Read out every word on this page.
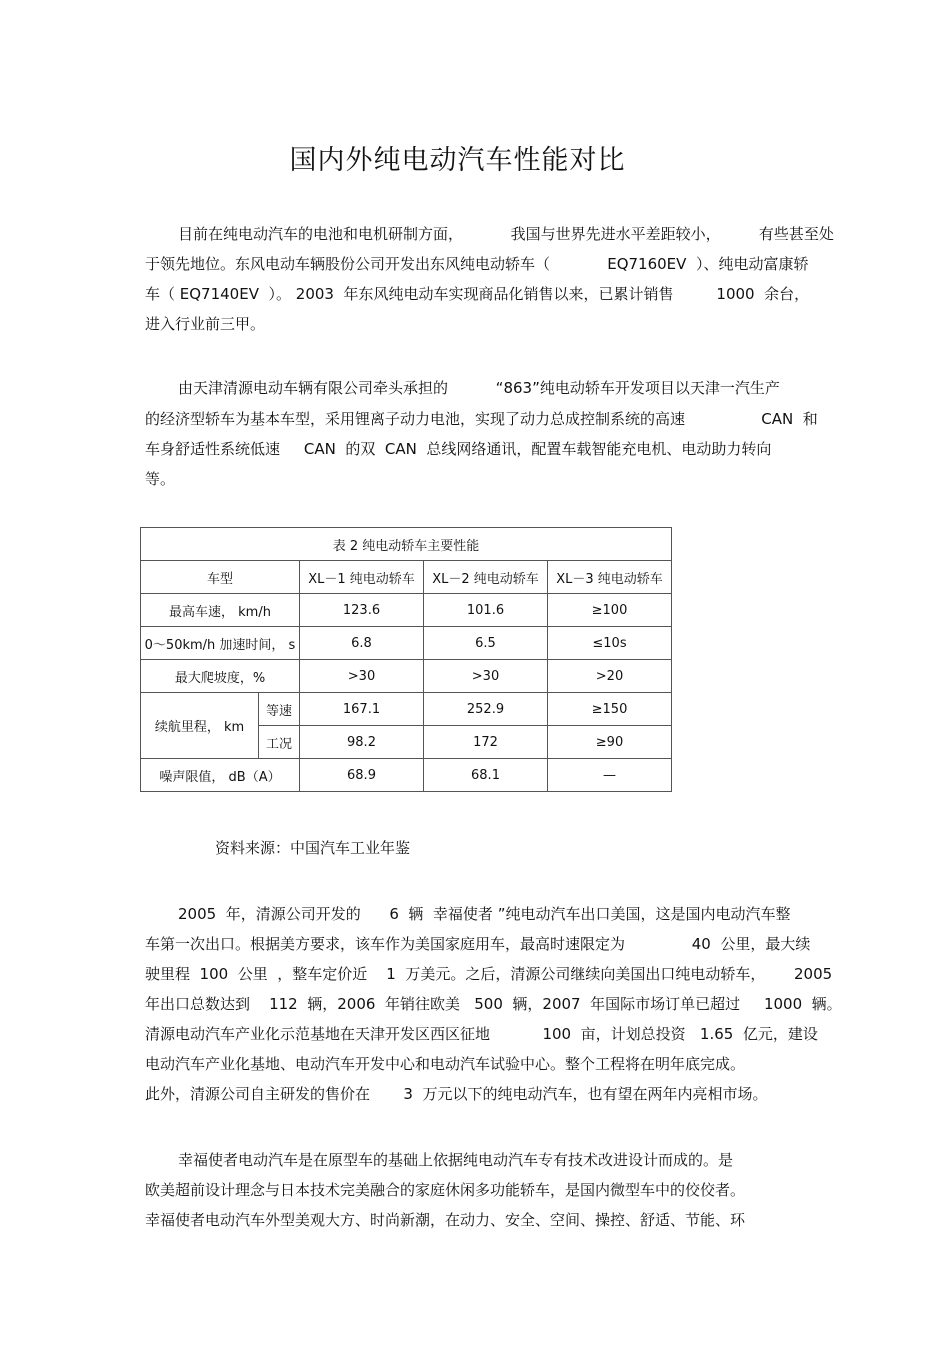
国内外纯电动汽车性能对比
目前在纯电动汽车的电池和电机研制方面，          我国与世界先进水平差距较小，        有些甚至处
于领先地位。东风电动车辆股份公司开发出东风纯电动轿车（            EQ7160EV  ）、纯电动富康轿
车（ EQ7140EV  ）。 2003  年东风纯电动车实现商品化销售以来，已累计销售         1000  余台，
进入行业前三甲。
由天津清源电动车辆有限公司牵头承担的          “863”纯电动轿车开发项目以天津一汽生产
的经济型轿车为基本车型，采用锂离子动力电池，实现了动力总成控制系统的高速                CAN  和
车身舒适性系统低速     CAN  的双  CAN  总线网络通讯，配置车载智能充电机、电动助力转向
等。
表 2 纯电动轿车主要性能				
车型		XL－1 纯电动轿车	XL－2 纯电动轿车	XL－3 纯电动轿车
最高车速， km/h		123.6	101.6	≥100
0～50km/h 加速时间， s		6.8	6.5	≤10s
最大爬坡度，%		>30	>30	>20
续航里程， km	等速	167.1	252.9	≥150
	工况	98.2	172	≥90
噪声限值， dB（A）		68.9	68.1	—
资料来源：中国汽车工业年鉴
2005  年，清源公司开发的      6  辆  幸福使者 ”纯电动汽车出口美国，这是国内电动汽车整
车第一次出口。根据美方要求，该车作为美国家庭用车，最高时速限定为              40  公里，最大续
驶里程  100  公里  ，整车定价近    1  万美元。之后，清源公司继续向美国出口纯电动轿车，      2005
年出口总数达到    112  辆，2006  年销往欧美   500  辆，2007  年国际市场订单已超过     1000  辆。
清源电动汽车产业化示范基地在天津开发区西区征地           100  亩，计划总投资   1.65  亿元，建设
电动汽车产业化基地、电动汽车开发中心和电动汽车试验中心。整个工程将在明年底完成。
此外，清源公司自主研发的售价在       3  万元以下的纯电动汽车，也有望在两年内亮相市场。
幸福使者电动汽车是在原型车的基础上依据纯电动汽车专有技术改进设计而成的。是
欧美超前设计理念与日本技术完美融合的家庭休闲多功能轿车，是国内微型车中的佼佼者。
幸福使者电动汽车外型美观大方、时尚新潮，在动力、安全、空间、操控、舒适、节能、环
